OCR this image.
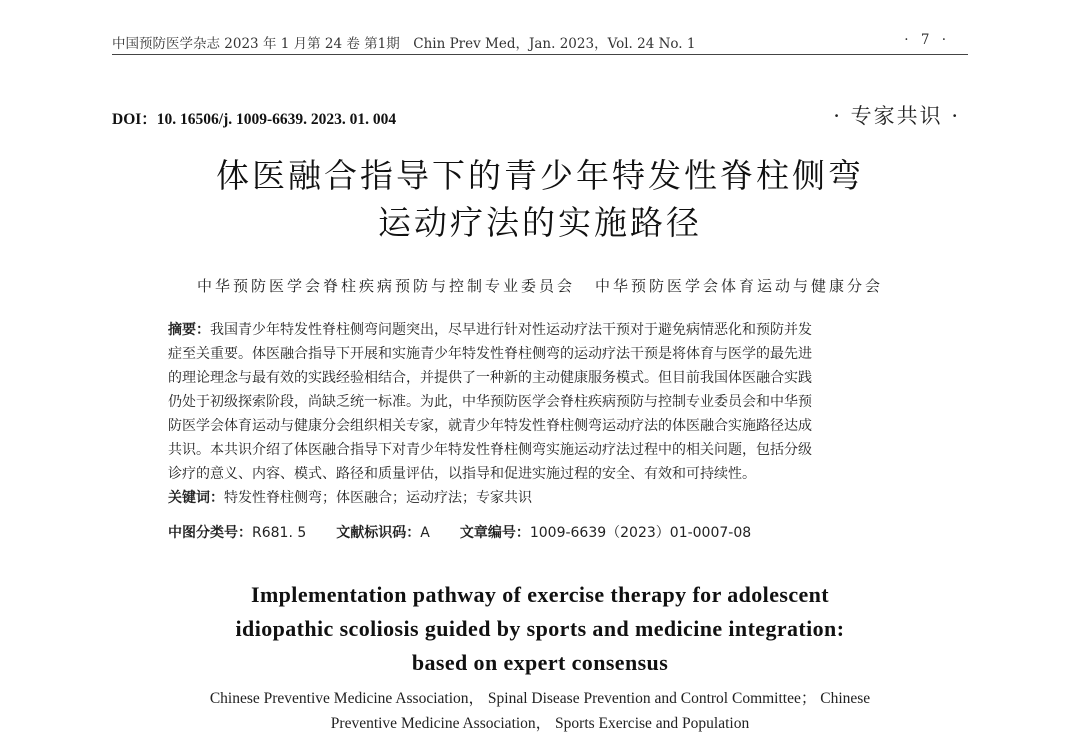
中国预防医学杂志 2023 年 1 月第 24 卷 第1期　Chin Prev Med，Jan. 2023，Vol. 24 No. 1	· 7 ·
DOI：10. 16506/j. 1009-6639. 2023. 01. 004	· 专家共识 ·
体医融合指导下的青少年特发性脊柱侧弯
运动疗法的实施路径
中华预防医学会脊柱疾病预防与控制专业委员会 中华预防医学会体育运动与健康分会
摘要：我国青少年特发性脊柱侧弯问题突出，尽早进行针对性运动疗法干预对于避免病情恶化和预防并发
症至关重要。体医融合指导下开展和实施青少年特发性脊柱侧弯的运动疗法干预是将体育与医学的最先进
的理论理念与最有效的实践经验相结合，并提供了一种新的主动健康服务模式。但目前我国体医融合实践
仍处于初级探索阶段，尚缺乏统一标准。为此，中华预防医学会脊柱疾病预防与控制专业委员会和中华预
防医学会体育运动与健康分会组织相关专家，就青少年特发性脊柱侧弯运动疗法的体医融合实施路径达成
共识。本共识介绍了体医融合指导下对青少年特发性脊柱侧弯实施运动疗法过程中的相关问题，包括分级
诊疗的意义、内容、模式、路径和质量评估，以指导和促进实施过程的安全、有效和可持续性。
关键词：特发性脊柱侧弯；体医融合；运动疗法；专家共识
中图分类号：R681. 5 文献标识码：A 文章编号：1009-6639（2023）01-0007-08
Implementation pathway of exercise therapy for adolescent
idiopathic scoliosis guided by sports and medicine integration:
based on expert consensus
Chinese Preventive Medicine Association， Spinal Disease Prevention and Control Committee； Chinese
Preventive Medicine Association， Sports Exercise and Population
